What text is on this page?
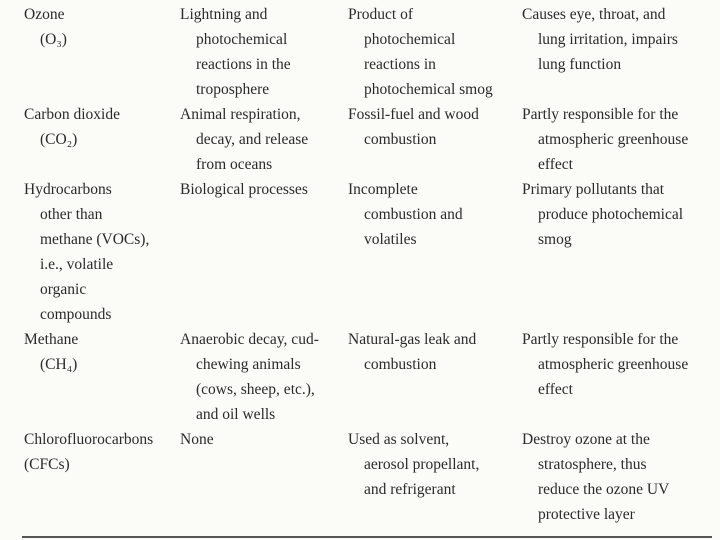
Ozone
(O₃)
Lightning and
photochemical
reactions in the
troposphere
Product of
photochemical
reactions in
photochemical smog
Causes eye, throat, and
lung irritation, impairs
lung function
Carbon dioxide
(CO₂)
Animal respiration,
decay, and release
from oceans
Fossil-fuel and wood
combustion
Partly responsible for the
atmospheric greenhouse
effect
Hydrocarbons
other than
methane (VOCs),
i.e., volatile
organic
compounds
Biological processes	Incomplete
combustion and
volatiles
Primary pollutants that
produce photochemical
smog
Methane
(CH₄)
Anaerobic decay, cud-
chewing animals
(cows, sheep, etc.),
and oil wells
Natural-gas leak and
combustion
Partly responsible for the
atmospheric greenhouse
effect
Chlorofluorocarbons
(CFCs)
None	Used as solvent,
aerosol propellant,
and refrigerant
Destroy ozone at the
stratosphere, thus
reduce the ozone UV
protective layer
